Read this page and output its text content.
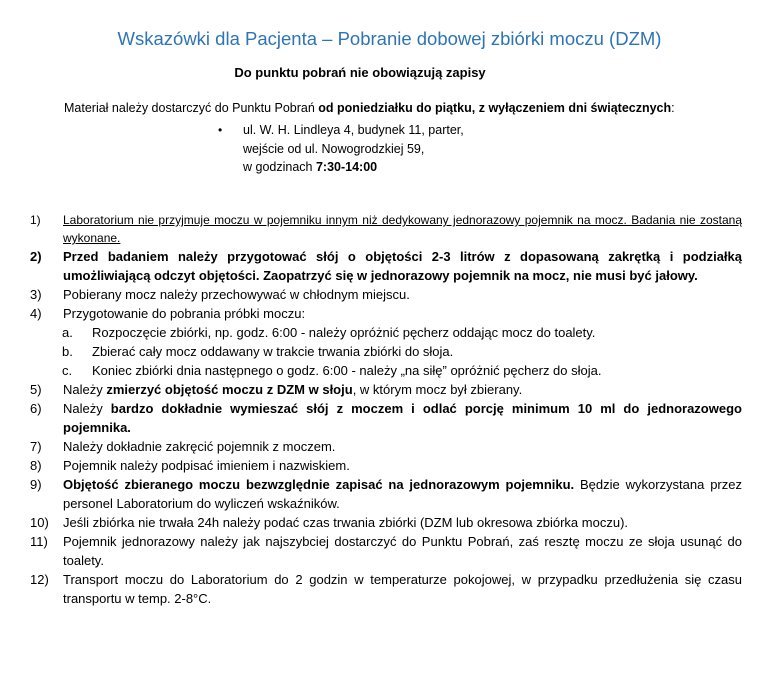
Wskazówki dla Pacjenta – Pobranie dobowej zbiórki moczu (DZM)
Do punktu pobrań nie obowiązują zapisy
Materiał należy dostarczyć do Punktu Pobrań od poniedziałku do piątku, z wyłączeniem dni świątecznych:
• ul. W. H. Lindleya 4, budynek 11, parter,
wejście od ul. Nowogrodzkiej 59,
w godzinach 7:30-14:00
1) Laboratorium nie przyjmuje moczu w pojemniku innym niż dedykowany jednorazowy pojemnik na mocz. Badania nie zostaną wykonane.
2) Przed badaniem należy przygotować słój o objętości 2-3 litrów z dopasowaną zakrętką i podziałką umożliwiającą odczyt objętości. Zaopatrzyć się w jednorazowy pojemnik na mocz, nie musi być jałowy.
3) Pobierany mocz należy przechowywać w chłodnym miejscu.
4) Przygotowanie do pobrania próbki moczu:
a. Rozpoczęcie zbiórki, np. godz. 6:00 - należy opróżnić pęcherz oddając mocz do toalety.
b. Zbierać cały mocz oddawany w trakcie trwania zbiórki do słoja.
c. Koniec zbiórki dnia następnego o godz. 6:00 - należy „na siłę” opróżnić pęcherz do słoja.
5) Należy zmierzyć objętość moczu z DZM w słoju, w którym mocz był zbierany.
6) Należy bardzo dokładnie wymieszać słój z moczem i odlać porcję minimum 10 ml do jednorazowego pojemnika.
7) Należy dokładnie zakręcić pojemnik z moczem.
8) Pojemnik należy podpisać imieniem i nazwiskiem.
9) Objętość zbieranego moczu bezwzględnie zapisać na jednorazowym pojemniku. Będzie wykorzystana przez personel Laboratorium do wyliczeń wskaźników.
10) Jeśli zbiórka nie trwała 24h należy podać czas trwania zbiórki (DZM lub okresowa zbiórka moczu).
11) Pojemnik jednorazowy należy jak najszybciej dostarczyć do Punktu Pobrań, zaś resztę moczu ze słoja usunąć do toalety.
12) Transport moczu do Laboratorium do 2 godzin w temperaturze pokojowej, w przypadku przedłużenia się czasu transportu w temp. 2-8°C.
